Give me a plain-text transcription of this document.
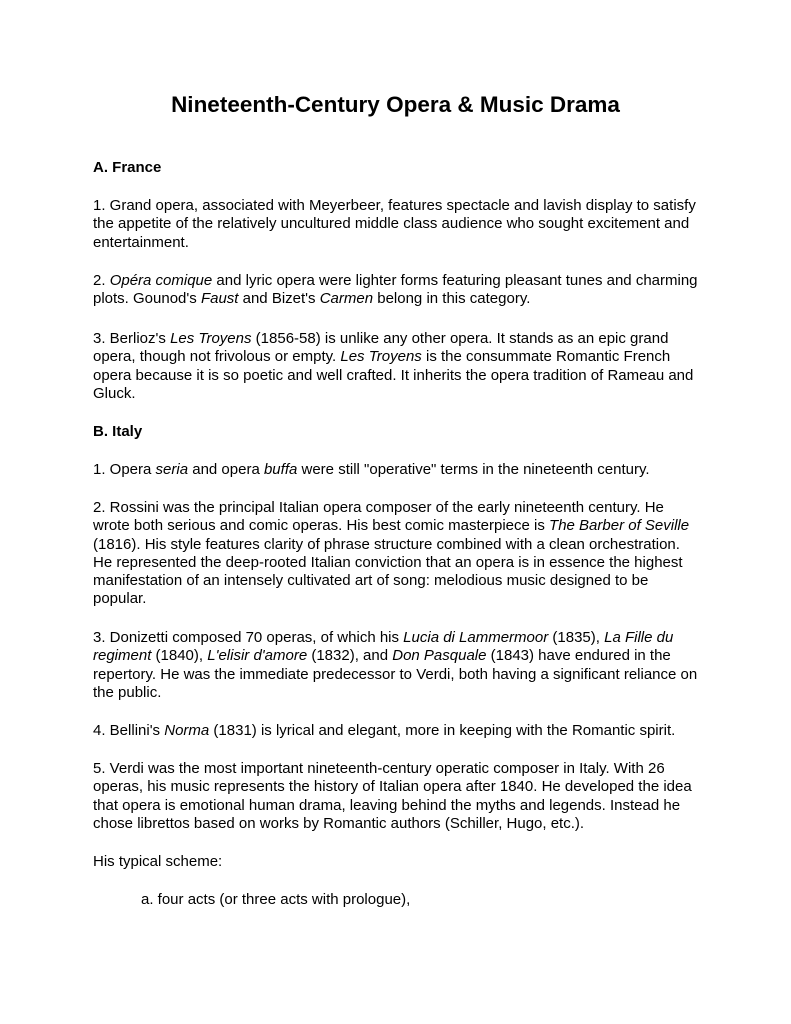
Nineteenth-Century Opera & Music Drama
A. France

1. Grand opera, associated with Meyerbeer, features spectacle and lavish display to satisfy the appetite of the relatively uncultured middle class audience who sought excitement and entertainment.

2. Opéra comique and lyric opera were lighter forms featuring pleasant tunes and charming plots. Gounod's Faust and Bizet's Carmen belong in this category.

3. Berlioz's Les Troyens (1856-58) is unlike any other opera. It stands as an epic grand opera, though not frivolous or empty. Les Troyens is the consummate Romantic French opera because it is so poetic and well crafted. It inherits the opera tradition of Rameau and Gluck.

B. Italy

1. Opera seria and opera buffa were still "operative" terms in the nineteenth century.

2. Rossini was the principal Italian opera composer of the early nineteenth century. He wrote both serious and comic operas. His best comic masterpiece is The Barber of Seville (1816). His style features clarity of phrase structure combined with a clean orchestration. He represented the deep-rooted Italian conviction that an opera is in essence the highest manifestation of an intensely cultivated art of song: melodious music designed to be popular.

3. Donizetti composed 70 operas, of which his Lucia di Lammermoor (1835), La Fille du regiment (1840), L'elisir d'amore (1832), and Don Pasquale (1843) have endured in the repertory. He was the immediate predecessor to Verdi, both having a significant reliance on the public.

4. Bellini's Norma (1831) is lyrical and elegant, more in keeping with the Romantic spirit.

5. Verdi was the most important nineteenth-century operatic composer in Italy. With 26 operas, his music represents the history of Italian opera after 1840. He developed the idea that opera is emotional human drama, leaving behind the myths and legends. Instead he chose librettos based on works by Romantic authors (Schiller, Hugo, etc.).

His typical scheme:

a. four acts (or three acts with prologue),
